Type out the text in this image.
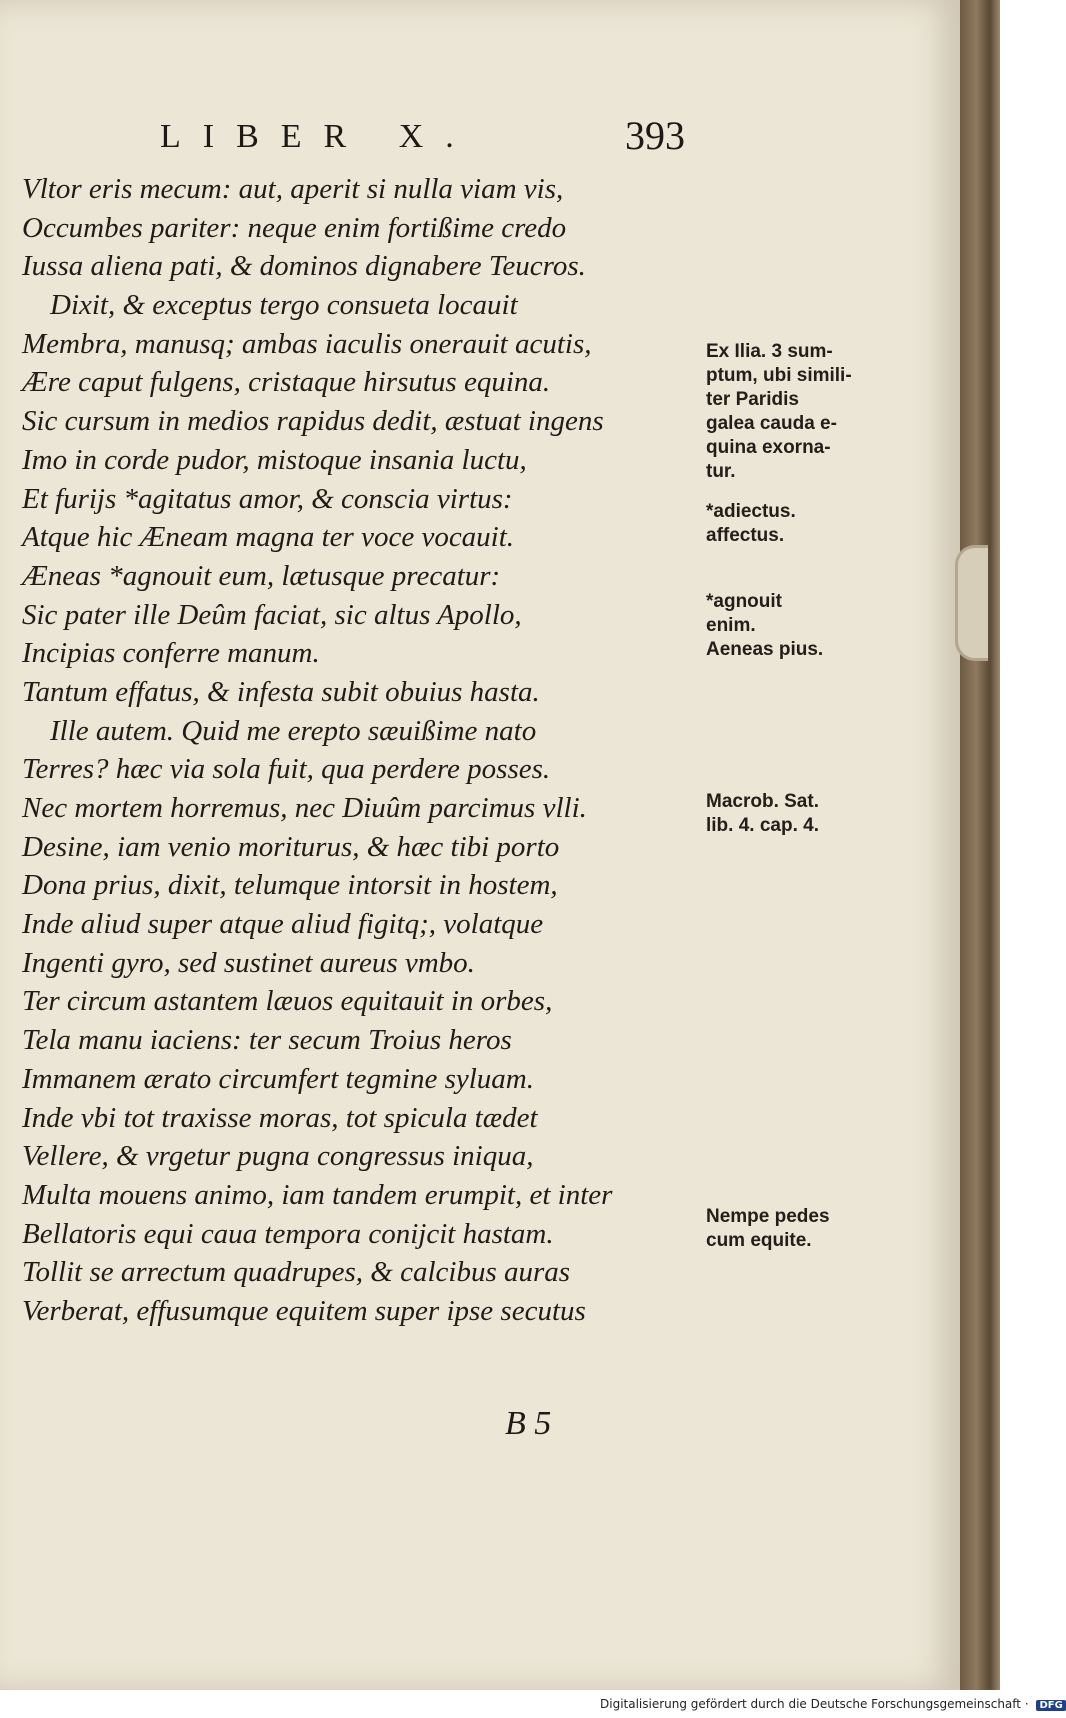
LIBER X.	393
Vltor eris mecum: aut, aperit si nulla viam vis,
Occumbes pariter: neque enim fortißime credo
Iussa aliena pati, & dominos dignabere Teucros.
Dixit, & exceptus tergo consueta locauit
Membra, manusq; ambas iaculis onerauit acutis,
Ære caput fulgens, cristaque hirsutus equina.
Sic cursum in medios rapidus dedit, æstuat ingens
Imo in corde pudor, mistoque insania luctu,
Et furijs *agitatus amor, & conscia virtus:
Atque hic Æneam magna ter voce vocauit.
Æneas *agnouit eum, lætusque precatur:
Sic pater ille Deûm faciat, sic altus Apollo,
Incipias conferre manum.
Tantum effatus, & infesta subit obuius hasta.
Ille autem. Quid me erepto sæuißime nato
Terres? hæc via sola fuit, qua perdere posses.
Nec mortem horremus, nec Diuûm parcimus vlli.
Desine, iam venio moriturus, & hæc tibi porto
Dona prius, dixit, telumque intorsit in hostem,
Inde aliud super atque aliud figitq;, volatque
Ingenti gyro, sed sustinet aureus vmbo.
Ter circum astantem læuos equitauit in orbes,
Tela manu iaciens: ter secum Troius heros
Immanem ærato circumfert tegmine syluam.
Inde vbi tot traxisse moras, tot spicula tædet
Vellere, & vrgetur pugna congressus iniqua,
Multa mouens animo, iam tandem erumpit, et inter
Bellatoris equi caua tempora conijcit hastam.
Tollit se arrectum quadrupes, & calcibus auras
Verberat, effusumque equitem super ipse secutus
Ex Ilia. 3 sum-
ptum, ubi simili-
ter Paridis
galea cauda e-
quina exorna-
tur.
*adiectus.
affectus.
*agnouit
enim.
Aeneas pius.
Macrob. Sat.
lib. 4. cap. 4.
Nempe pedes
cum equite.
B 5
Digitalisierung gefördert durch die Deutsche Forschungsgemeinschaft · DFG
